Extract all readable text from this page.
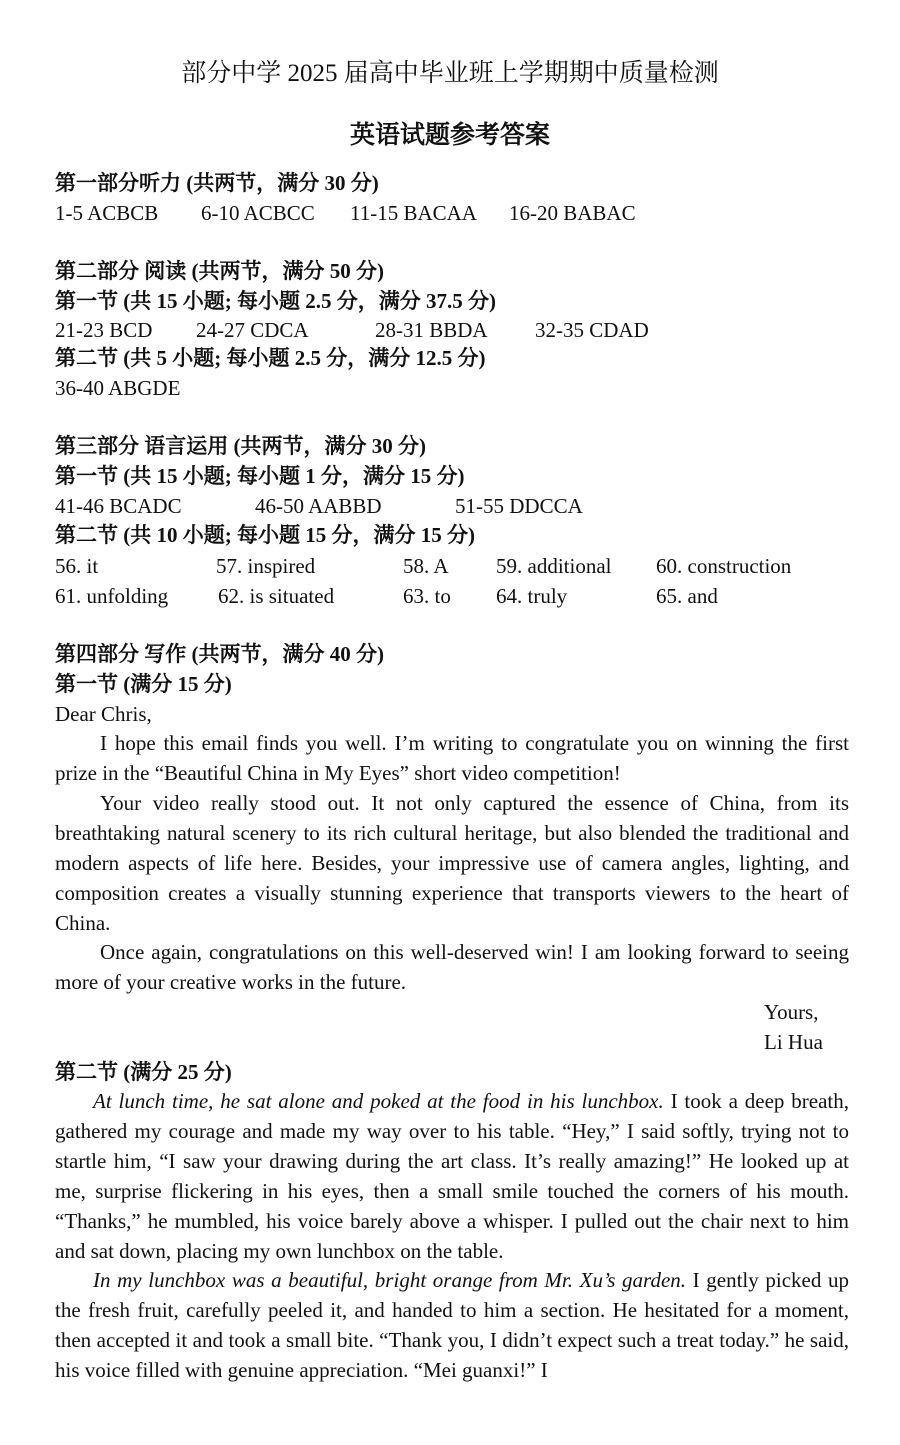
部分中学 2025 届高中毕业班上学期期中质量检测
英语试题参考答案
第一部分听力 (共两节，满分 30 分)
1-5 ACBCB 6-10 ACBCC 11-15 BACAA 16-20 BABAC
第二部分 阅读 (共两节，满分 50 分)
第一节 (共 15 小题; 每小题 2.5 分，满分 37.5 分)
21-23 BCD 24-27 CDCA	28-31 BBDA 32-35 CDAD
第二节 (共 5 小题; 每小题 2.5 分，满分 12.5 分)
36-40 ABGDE
第三部分 语言运用 (共两节，满分 30 分)
第一节 (共 15 小题; 每小题 1 分，满分 15 分)
41-46 BCADC	46-50 AABBD	51-55 DDCCA
第二节 (共 10 小题; 每小题 15 分，满分 15 分)
56. it	57. inspired	58. A 59. additional 60. construction
61. unfolding 62. is situated	63. to 64. truly	65. and
第四部分 写作 (共两节，满分 40 分)
第一节 (满分 15 分)
Dear Chris,

I hope this email finds you well. I’m writing to congratulate you on winning the first prize in the “Beautiful China in My Eyes” short video competition!

Your video really stood out. It not only captured the essence of China, from its breathtaking natural scenery to its rich cultural heritage, but also blended the traditional and modern aspects of life here. Besides, your impressive use of camera angles, lighting, and composition creates a visually stunning experience that transports viewers to the heart of China.

Once again, congratulations on this well-deserved win! I am looking forward to seeing more of your creative works in the future.

Yours,
Li Hua
第二节 (满分 25 分)

At lunch time, he sat alone and poked at the food in his lunchbox. I took a deep breath, gathered my courage and made my way over to his table. “Hey,” I said softly, trying not to startle him, “I saw your drawing during the art class. It’s really amazing!” He looked up at me, surprise flickering in his eyes, then a small smile touched the corners of his mouth. “Thanks,” he mumbled, his voice barely above a whisper. I pulled out the chair next to him and sat down, placing my own lunchbox on the table.

In my lunchbox was a beautiful, bright orange from Mr. Xu’s garden. I gently picked up the fresh fruit, carefully peeled it, and handed to him a section. He hesitated for a moment, then accepted it and took a small bite. “Thank you, I didn’t expect such a treat today.” he said, his voice filled with genuine appreciation. “Mei guanxi!” I
